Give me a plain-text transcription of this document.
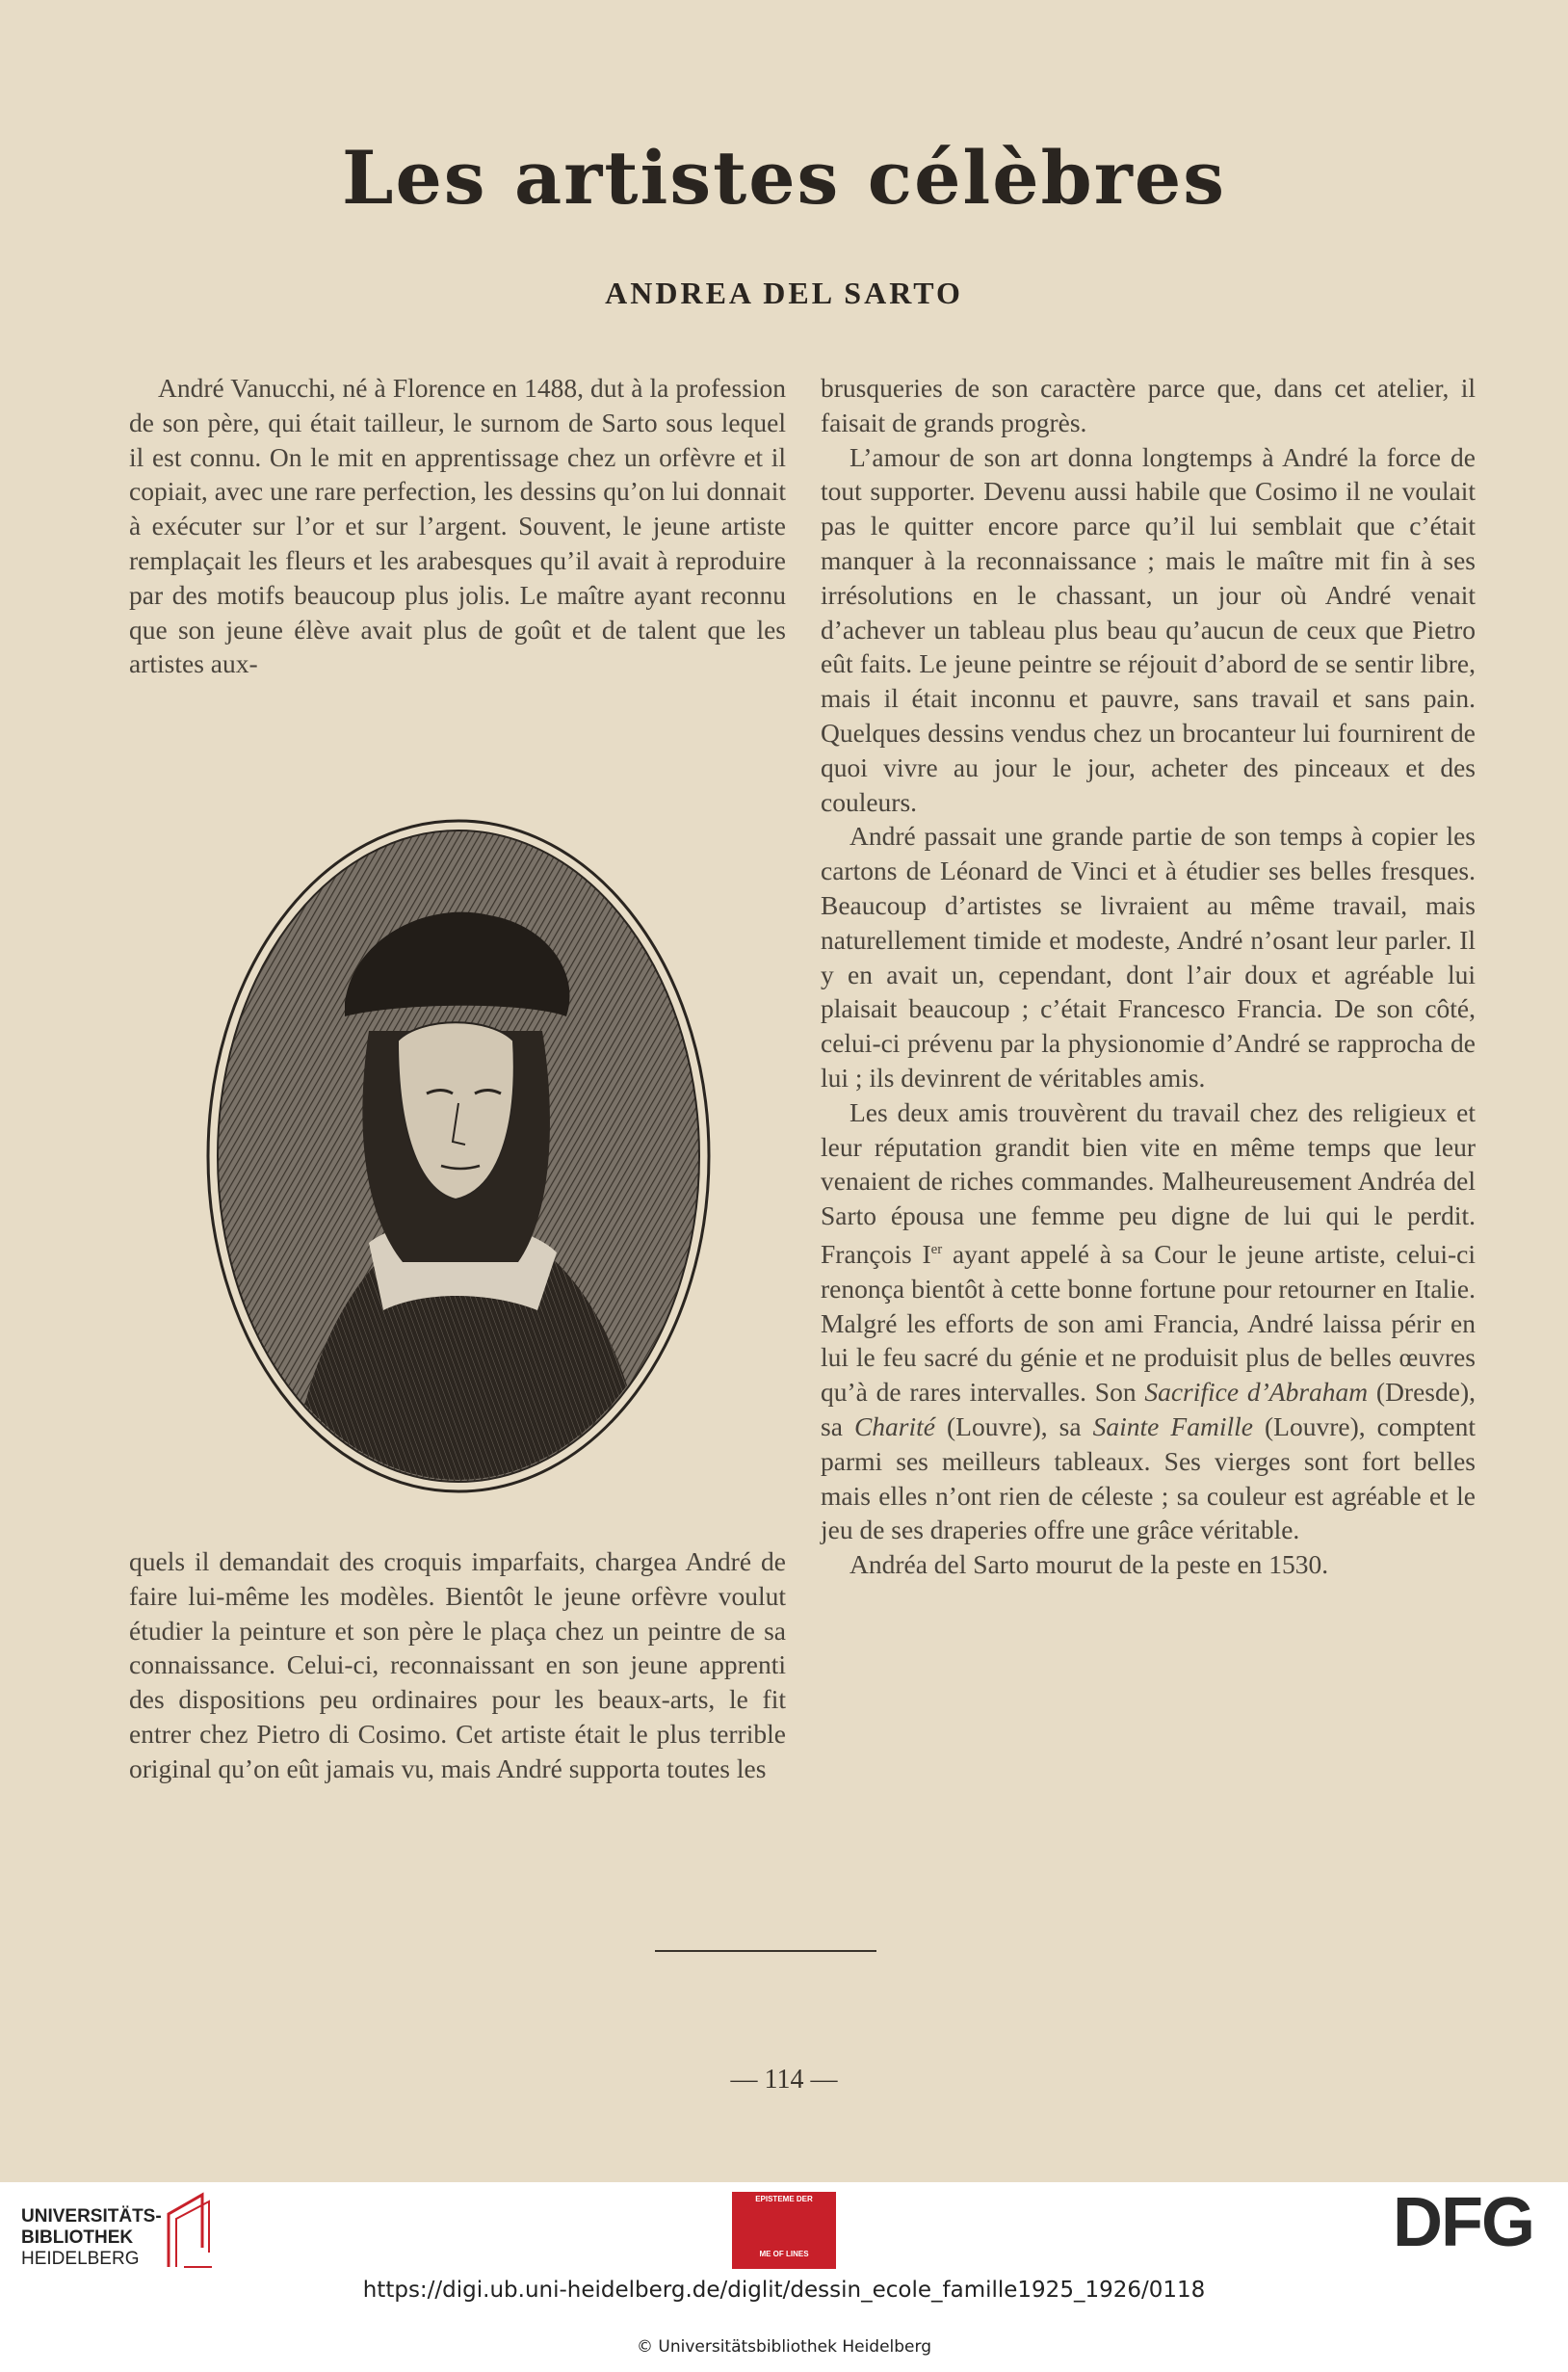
Les artistes célèbres
ANDREA DEL SARTO

André Vanucchi, né à Florence en 1488, dut à la profession de son père, qui était tailleur, le surnom de Sarto sous lequel il est connu. On le mit en apprentissage chez un orfèvre et il copiait, avec une rare perfection, les dessins qu’on lui donnait à exécuter sur l’or et sur l’argent. Souvent, le jeune artiste remplaçait les fleurs et les arabesques qu’il avait à reproduire par des motifs beaucoup plus jolis. Le maître ayant reconnu que son jeune élève avait plus de goût et de talent que les artistes aux-

quels il demandait des croquis imparfaits, chargea André de faire lui-même les modèles. Bientôt le jeune orfèvre voulut étudier la peinture et son père le plaça chez un peintre de sa connaissance. Celui-ci, reconnaissant en son jeune apprenti des dispositions peu ordinaires pour les beaux-arts, le fit entrer chez Pietro di Cosimo. Cet artiste était le plus terrible original qu’on eût jamais vu, mais André supporta toutes les

brusqueries de son caractère parce que, dans cet atelier, il faisait de grands progrès.

L’amour de son art donna longtemps à André la force de tout supporter. Devenu aussi habile que Cosimo il ne voulait pas le quitter encore parce qu’il lui semblait que c’était manquer à la reconnaissance ; mais le maître mit fin à ses irrésolutions en le chassant, un jour où André venait d’achever un tableau plus beau qu’aucun de ceux que Pietro eût faits. Le jeune peintre se réjouit d’abord de se sentir libre, mais il était inconnu et pauvre, sans travail et sans pain. Quelques dessins vendus chez un brocanteur lui fournirent de quoi vivre au jour le jour, acheter des pinceaux et des couleurs.

André passait une grande partie de son temps à copier les cartons de Léonard de Vinci et à étudier ses belles fresques. Beaucoup d’artistes se livraient au même travail, mais naturellement timide et modeste, André n’osant leur parler. Il y en avait un, cependant, dont l’air doux et agréable lui plaisait beaucoup ; c’était Francesco Francia. De son côté, celui-ci prévenu par la physionomie d’André se rapprocha de lui ; ils devinrent de véritables amis.

Les deux amis trouvèrent du travail chez des religieux et leur réputation grandit bien vite en même temps que leur venaient de riches commandes. Malheureusement Andréa del Sarto épousa une femme peu digne de lui qui le perdit. François Ier ayant appelé à sa Cour le jeune artiste, celui-ci renonça bientôt à cette bonne fortune pour retourner en Italie. Malgré les efforts de son ami Francia, André laissa périr en lui le feu sacré du génie et ne produisit plus de belles œuvres qu’à de rares intervalles. Son Sacrifice d’Abraham (Dresde), sa Charité (Louvre), sa Sainte Famille (Louvre), comptent parmi ses meilleurs tableaux. Ses vierges sont fort belles mais elles n’ont rien de céleste ; sa couleur est agréable et le jeu de ses draperies offre une grâce véritable.

Andréa del Sarto mourut de la peste en 1530.

— 114 —
UNIVERSITÄTS-
BIBLIOTHEK
HEIDELBERG
EPISTEME DER
ME OF LINES	DFG
https://digi.ub.uni-heidelberg.de/diglit/dessin_ecole_famille1925_1926/0118
© Universitätsbibliothek Heidelberg
